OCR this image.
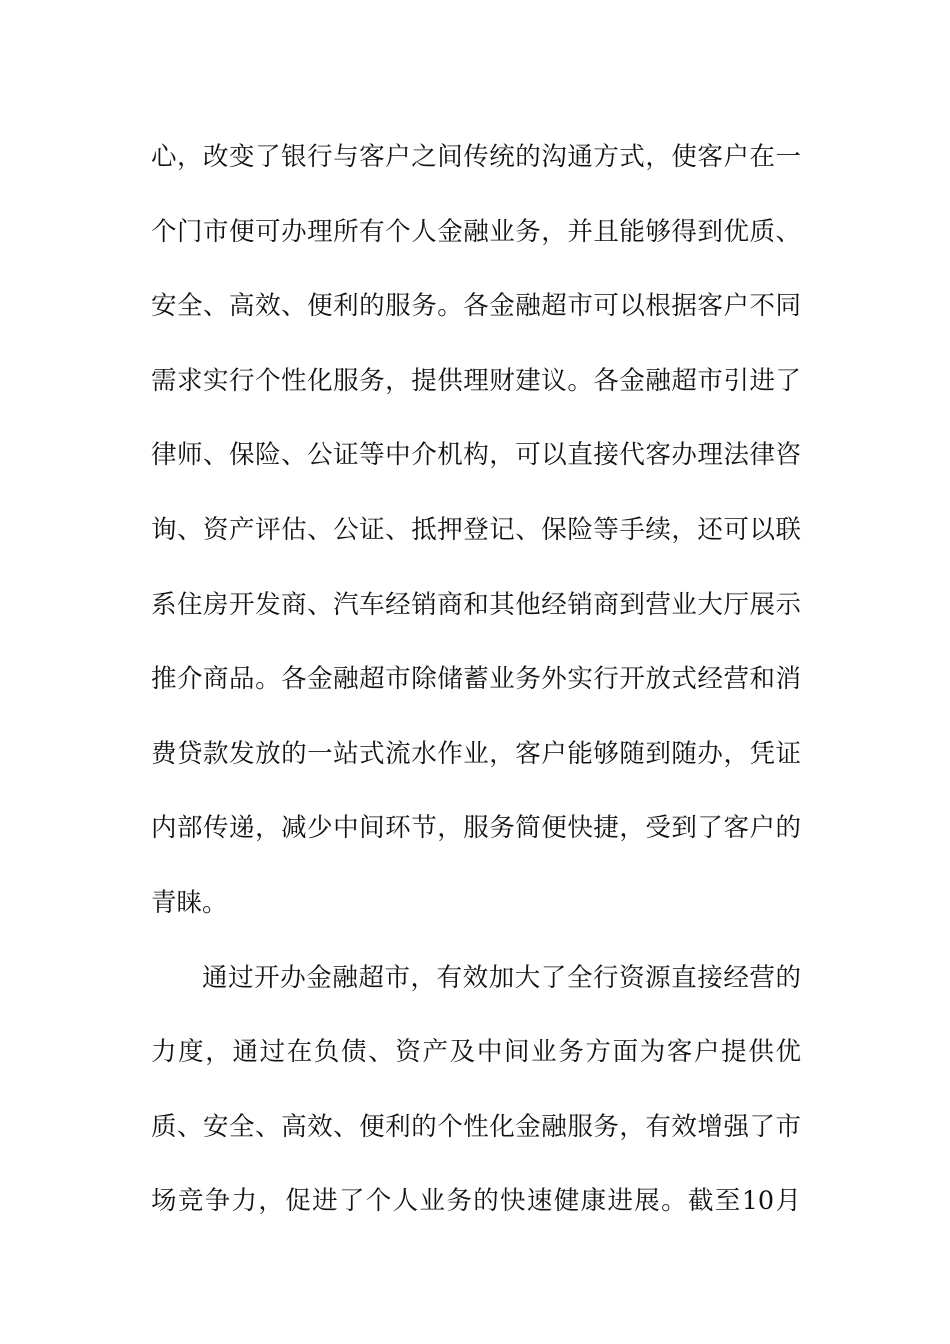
心，改变了银行与客户之间传统的沟通方式，使客户在一
个门市便可办理所有个人金融业务，并且能够得到优质、
安全、高效、便利的服务。各金融超市可以根据客户不同
需求实行个性化服务，提供理财建议。各金融超市引进了
律师、保险、公证等中介机构，可以直接代客办理法律咨
询、资产评估、公证、抵押登记、保险等手续，还可以联
系住房开发商、汽车经销商和其他经销商到营业大厅展示
推介商品。各金融超市除储蓄业务外实行开放式经营和消
费贷款发放的一站式流水作业，客户能够随到随办，凭证
内部传递，减少中间环节，服务简便快捷，受到了客户的
青睐。
通过开办金融超市，有效加大了全行资源直接经营的
力度，通过在负债、资产及中间业务方面为客户提供优
质、安全、高效、便利的个性化金融服务，有效增强了市
场竞争力，促进了个人业务的快速健康进展。截至10月
